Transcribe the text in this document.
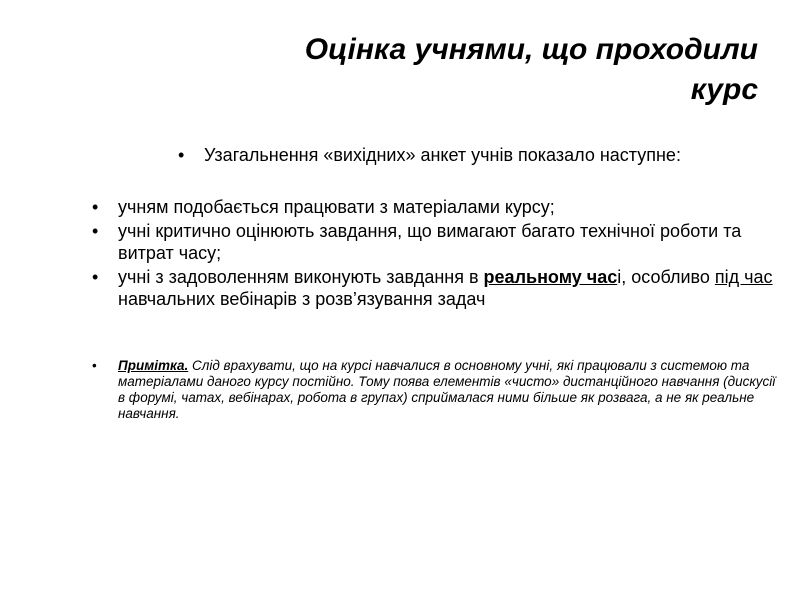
Оцінка учнями, що проходили
курс
• Узагальнення «вихідних» анкет учнів показало наступне:
• учням подобається працювати з матеріалами курсу;
• учні критично оцінюють завдання, що вимагают багато технічної роботи та витрат часу;
• учні з задоволенням виконують завдання в реальному часі, особливо під час навчальних вебінарів з розв’язування задач
•	Примітка. Слід врахувати, що на курсі навчалися в основному учні, які працювали з системою та матеріалами даного курсу постійно. Тому поява елементів «чисто» дистанційного навчання (дискусії в форумі, чатах, вебінарах, робота в групах) сприймалася ними більше як розвага, а не як реальне навчання.
